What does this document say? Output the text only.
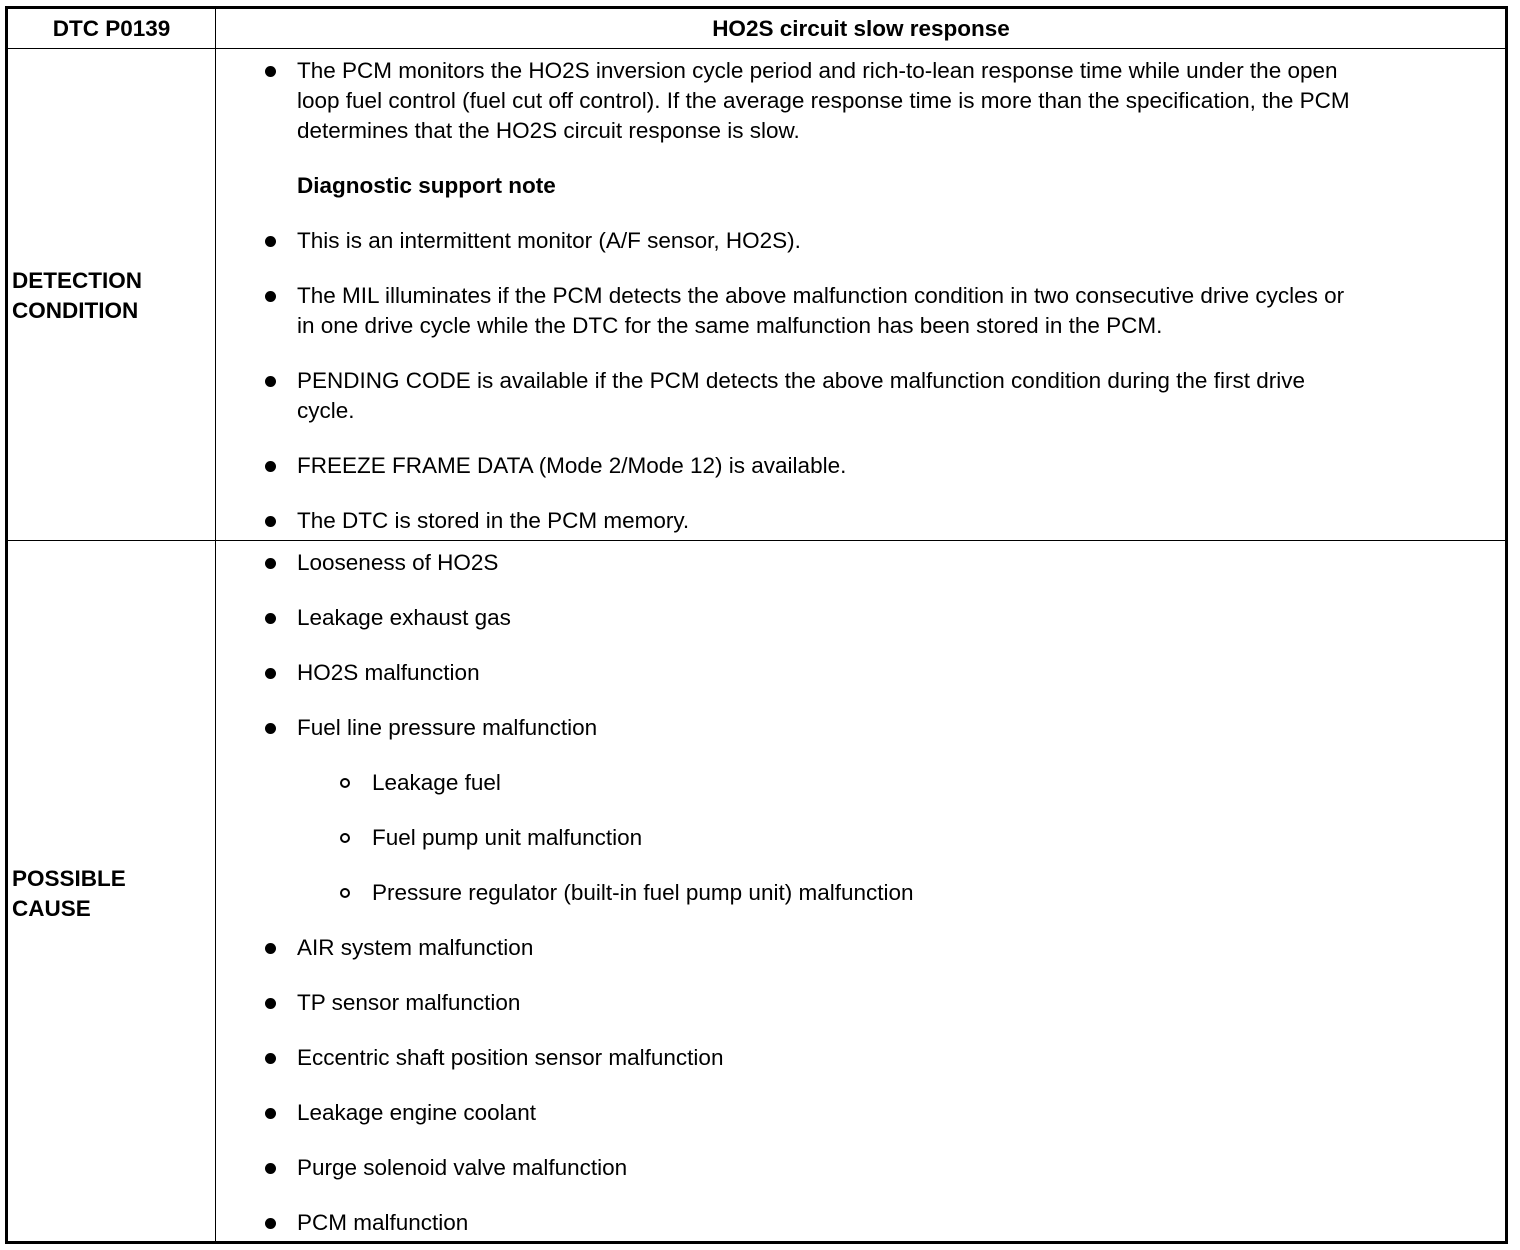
DTC P0139	HO2S circuit slow response
DETECTION
CONDITION
The PCM monitors the HO2S inversion cycle period and rich-to-lean response time while under the open
loop fuel control (fuel cut off control). If the average response time is more than the specification, the PCM
determines that the HO2S circuit response is slow.
Diagnostic support note
This is an intermittent monitor (A/F sensor, HO2S).
The MIL illuminates if the PCM detects the above malfunction condition in two consecutive drive cycles or
in one drive cycle while the DTC for the same malfunction has been stored in the PCM.
PENDING CODE is available if the PCM detects the above malfunction condition during the first drive
cycle.
FREEZE FRAME DATA (Mode 2/Mode 12) is available.
The DTC is stored in the PCM memory.
POSSIBLE
CAUSE
Looseness of HO2S
Leakage exhaust gas
HO2S malfunction
Fuel line pressure malfunction
Leakage fuel
Fuel pump unit malfunction
Pressure regulator (built-in fuel pump unit) malfunction
AIR system malfunction
TP sensor malfunction
Eccentric shaft position sensor malfunction
Leakage engine coolant
Purge solenoid valve malfunction
PCM malfunction
